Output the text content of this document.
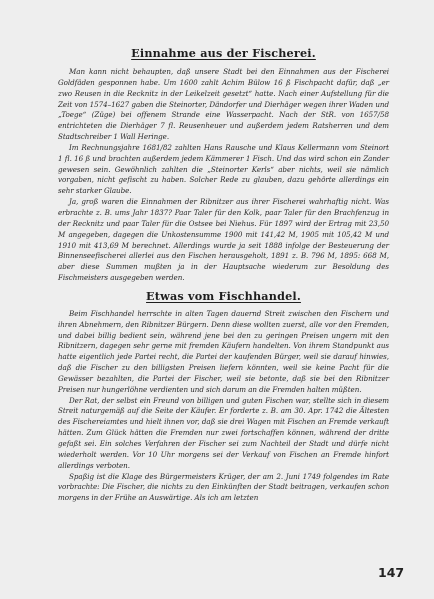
Einnahme aus der Fischerei.

Man kann nicht behaupten, daß unsere Stadt bei den Einnahmen aus der Fischerei Goldfäden gesponnen habe. Um 1600 zahlt Achim Bülow 16 ß Fischpacht dafür, daß „er zwo Reusen in die Recknitz in der Leikelzeit gesetzt“ hatte. Nach einer Aufstellung für die Zeit von 1574–1627 gaben die Steinorter, Dändorfer und Dierhäger wegen ihrer Waden und „Toege“ (Züge) bei offenem Strande eine Wasserpacht. Nach der StR. von 1657/58 entrichteten die Dierhäger 7 fl. Reusenheuer und außerdem jedem Ratsherren und dem Stadtschreiber 1 Wall Heringe.

Im Rechnungsjahre 1681/82 zahlten Hans Rausche und Klaus Kellermann vom Steinort 1 fl. 16 ß und brachten außerdem jedem Kämmerer 1 Fisch. Und das wird schon ein Zander gewesen sein. Gewöhnlich zahlten die „Steinorter Kerls“ aber nichts, weil sie nämlich vorgaben, nicht gefischt zu haben. Solcher Rede zu glauben, dazu gehörte allerdings ein sehr starker Glaube.

Ja, groß waren die Einnahmen der Ribnitzer aus ihrer Fischerei wahrhaftig nicht. Was erbrachte z. B. ums Jahr 1837? Paar Taler für den Kolk, paar Taler für den Brachfenzug in der Recknitz und paar Taler für die Ostsee bei Niehus. Für 1897 wird der Ertrag mit 23,50 M angegeben, dagegen die Unkostensumme 1900 mit 141,42 M, 1905 mit 105,42 M und 1910 mit 413,69 M berechnet. Allerdings wurde ja seit 1888 infolge der Besteuerung der Binnenseefischerei allerlei aus den Fischen herausgeholt, 1891 z. B. 796 M, 1895: 668 M, aber diese Summen mußten ja in der Hauptsache wiederum zur Besoldung des Fischmeisters ausgegeben werden.

Etwas vom Fischhandel.

Beim Fischhandel herrschte in alten Tagen dauernd Streit zwischen den Fischern und ihren Abnehmern, den Ribnitzer Bürgern. Denn diese wollten zuerst, alle vor den Fremden, und dabei billig bedient sein, während jene bei den zu geringen Preisen ungern mit den Ribnitzern, dagegen sehr gerne mit fremden Käufern handelten. Von ihrem Standpunkt aus hatte eigentlich jede Partei recht, die Partei der kaufenden Bürger, weil sie darauf hinwies, daß die Fischer zu den billigsten Preisen liefern könnten, weil sie keine Pacht für die Gewässer bezahlten, die Partei der Fischer, weil sie betonte, daß sie bei den Ribnitzer Preisen nur hungerlöhne verdienten und sich darum an die Fremden halten müßten.

Der Rat, der selbst ein Freund von billigen und guten Fischen war, stellte sich in diesem Streit naturgemäß auf die Seite der Käufer. Er forderte z. B. am 30. Apr. 1742 die Ältesten des Fischereiamtes und hielt ihnen vor, daß sie drei Wagen mit Fischen an Fremde verkauft hätten. Zum Glück hätten die Fremden nur zwei fortschaffen können, während der dritte gefaßt sei. Ein solches Verfahren der Fischer sei zum Nachteil der Stadt und dürfe nicht wiederholt werden. Vor 10 Uhr morgens sei der Verkauf von Fischen an Fremde hinfort allerdings verboten.

Spaßig ist die Klage des Bürgermeisters Krüger, der am 2. Juni 1749 folgendes im Rate vorbrachte: Die Fischer, die nichts zu den Einkünften der Stadt beitragen, verkaufen schon morgens in der Frühe an Auswärtige. Als ich am letzten

147
